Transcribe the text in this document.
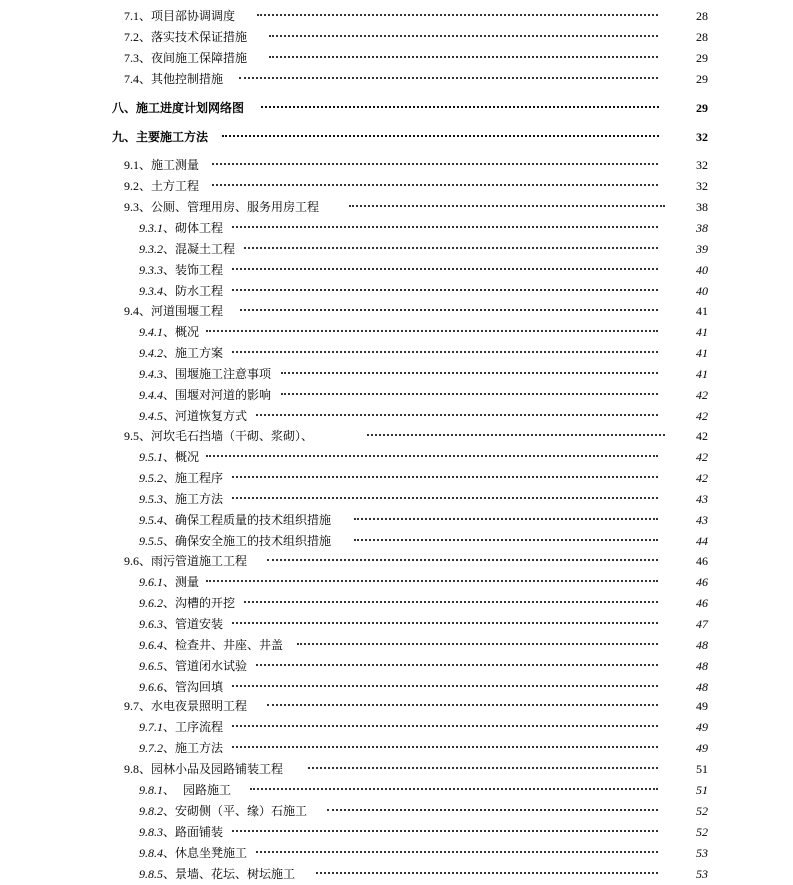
7.1、项目部协调调度	28
7.2、落实技术保证措施	28
7.3、夜间施工保障措施	29
7.4、其他控制措施	29
八、施工进度计划网络图	29
九、主要施工方法	32
9.1、施工测量	32
9.2、土方工程	32
9.3、公厕、管理用房、服务用房工程	38
9.3.1、砌体工程	38
9.3.2、混凝土工程	39
9.3.3、装饰工程	40
9.3.4、防水工程	40
9.4、河道围堰工程	41
9.4.1、概况	41
9.4.2、施工方案	41
9.4.3、围堰施工注意事项	41
9.4.4、围堰对河道的影响	42
9.4.5、河道恢复方式	42
9.5、河坎毛石挡墙（干砌、浆砌）、	42
9.5.1、概况	42
9.5.2、施工程序	42
9.5.3、施工方法	43
9.5.4、确保工程质量的技术组织措施	43
9.5.5、确保安全施工的技术组织措施	44
9.6、雨污管道施工工程	46
9.6.1、测量	46
9.6.2、沟槽的开挖	46
9.6.3、管道安装	47
9.6.4、检查井、井座、井盖	48
9.6.5、管道闭水试验	48
9.6.6、管沟回填	48
9.7、水电夜景照明工程	49
9.7.1、工序流程	49
9.7.2、施工方法	49
9.8、园林小品及园路铺装工程	51
9.8.1、 园路施工	51
9.8.2、安砌侧（平、缘）石施工	52
9.8.3、路面铺装	52
9.8.4、休息坐凳施工	53
9.8.5、景墙、花坛、树坛施工	53
